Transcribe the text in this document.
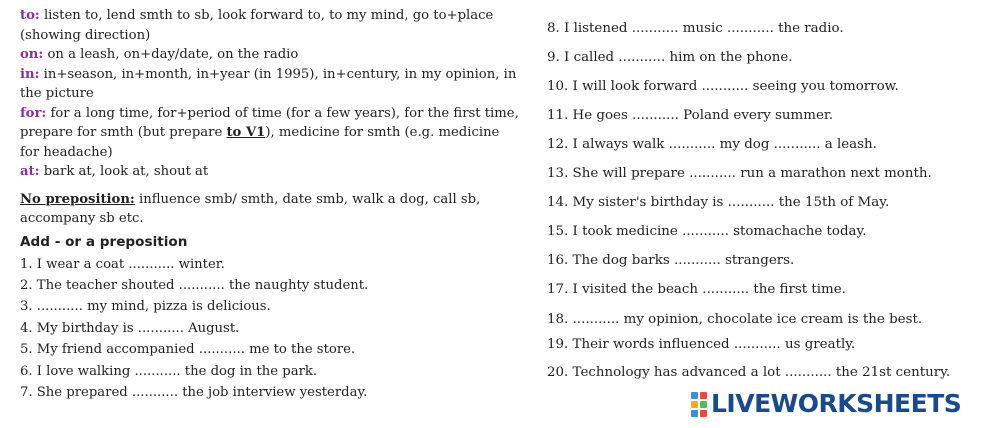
to: listen to, lend smth to sb, look forward to, to my mind, go to+place (showing direction)

on: on a leash, on+day/date, on the radio

in: in+season, in+month, in+year (in 1995), in+century, in my opinion, in the picture

for: for a long time, for+period of time (for a few years), for the first time, prepare for smth (but prepare to V1), medicine for smth (e.g. medicine for headache)

at: bark at, look at, shout at

No preposition: influence smb/ smth, date smb, walk a dog, call sb, accompany sb etc.

Add - or a preposition

1. I wear a coat ........... winter.

2. The teacher shouted ........... the naughty student.

3. ........... my mind, pizza is delicious.

4. My birthday is ........... August.

5. My friend accompanied ........... me to the store.

6. I love walking ........... the dog in the park.

7. She prepared ........... the job interview yesterday.

8. I listened ........... music ........... the radio.

9. I called ........... him on the phone.

10. I will look forward ........... seeing you tomorrow.

11. He goes ........... Poland every summer.

12. I always walk ........... my dog ........... a leash.

13. She will prepare ........... run a marathon next month.

14. My sister's birthday is ........... the 15th of May.

15. I took medicine ........... stomachache today.

16. The dog barks ........... strangers.

17. I visited the beach ........... the first time.

18. ........... my opinion, chocolate ice cream is the best.

19. Their words influenced ........... us greatly.

20. Technology has advanced a lot ........... the 21st century.

LIVEWORKSHEETS
